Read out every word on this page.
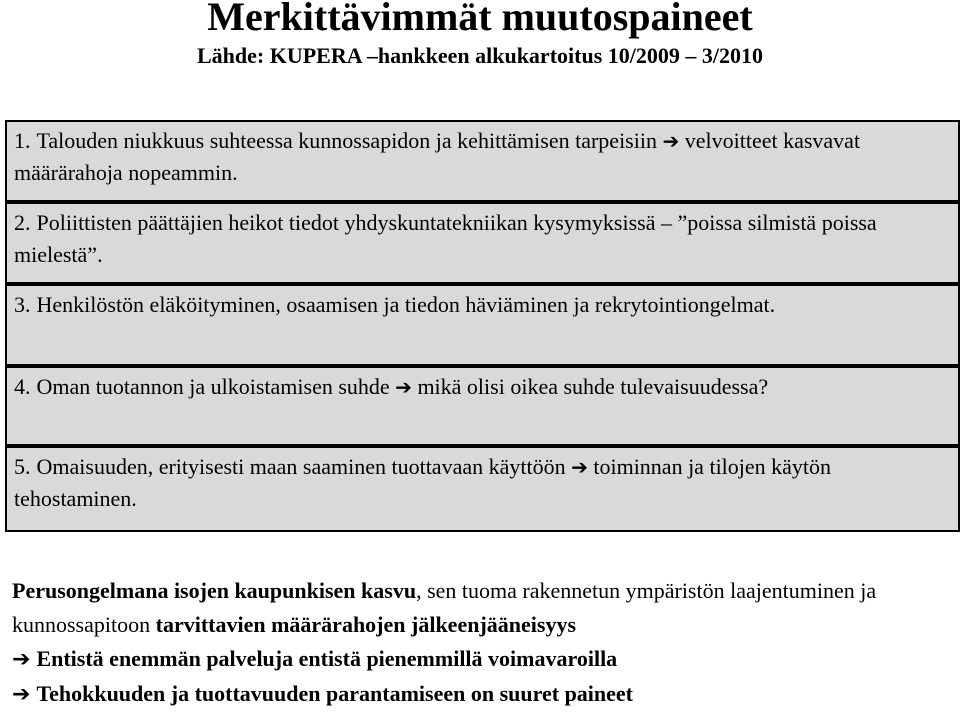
Merkittävimmät muutospaineet
Lähde: KUPERA –hankkeen alkukartoitus 10/2009 – 3/2010
1. Talouden niukkuus suhteessa kunnossapidon ja kehittämisen tarpeisiin ➔ velvoitteet kasvavat määrärahoja nopeammin.
2. Poliittisten päättäjien heikot tiedot yhdyskuntatekniikan kysymyksissä – ”poissa silmistä poissa mielestä”.
3. Henkilöstön eläköityminen, osaamisen ja tiedon häviäminen ja rekrytointiongelmat.
4. Oman tuotannon ja ulkoistamisen suhde ➔ mikä olisi oikea suhde tulevaisuudessa?
5. Omaisuuden, erityisesti maan saaminen tuottavaan käyttöön ➔ toiminnan ja tilojen käytön tehostaminen.
Perusongelmana isojen kaupunkisen kasvu, sen tuoma rakennetun ympäristön laajentuminen ja kunnossapitoon tarvittavien määrärahojen jälkeenjääneisyys
➔ Entistä enemmän palveluja entistä pienemmillä voimavaroilla
➔ Tehokkuuden ja tuottavuuden parantamiseen on suuret paineet
